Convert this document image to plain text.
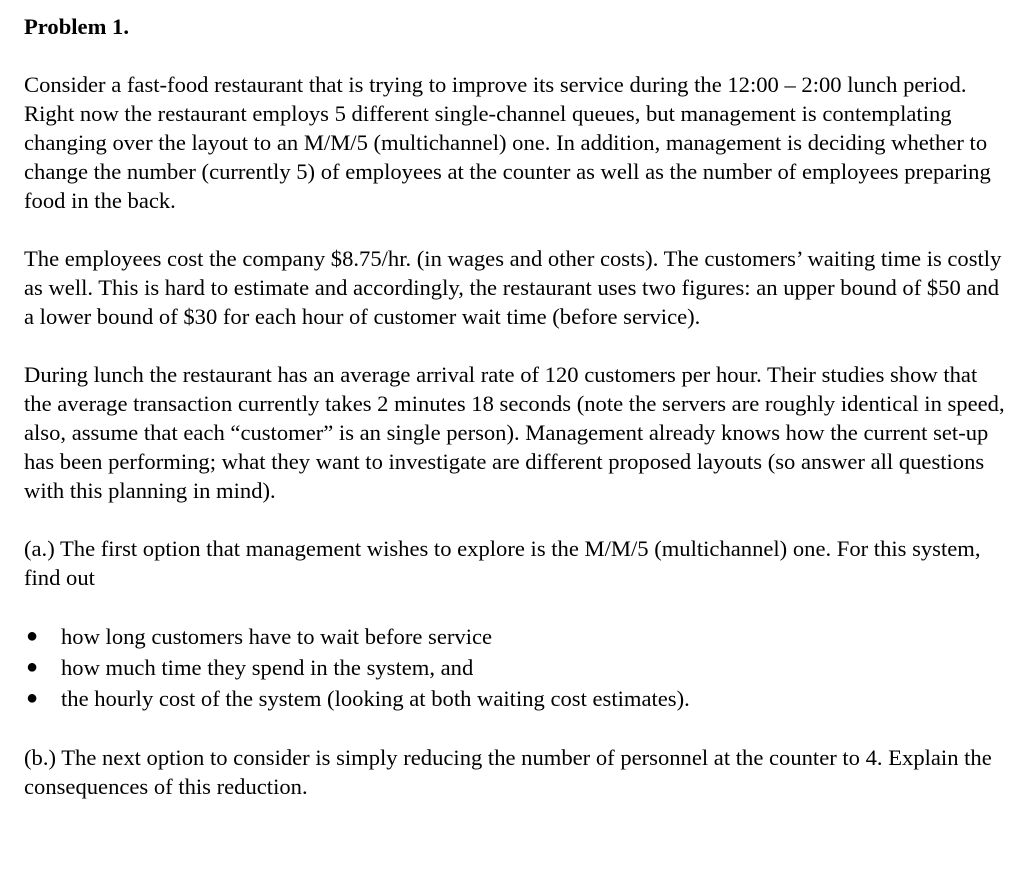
Problem 1.

Consider a fast-food restaurant that is trying to improve its service during the 12:00 – 2:00 lunch period. Right now the restaurant employs 5 different single-channel queues, but management is contemplating changing over the layout to an M/M/5 (multichannel) one. In addition, management is deciding whether to change the number (currently 5) of employees at the counter as well as the number of employees preparing food in the back.

The employees cost the company $8.75/hr. (in wages and other costs). The customers’ waiting time is costly as well. This is hard to estimate and accordingly, the restaurant uses two figures: an upper bound of $50 and a lower bound of $30 for each hour of customer wait time (before service).

During lunch the restaurant has an average arrival rate of 120 customers per hour. Their studies show that the average transaction currently takes 2 minutes 18 seconds (note the servers are roughly identical in speed, also, assume that each “customer” is an single person). Management already knows how the current set-up has been performing; what they want to investigate are different proposed layouts (so answer all questions with this planning in mind).

(a.) The first option that management wishes to explore is the M/M/5 (multichannel) one. For this system, find out

● how long customers have to wait before service
● how much time they spend in the system, and
● the hourly cost of the system (looking at both waiting cost estimates).

(b.) The next option to consider is simply reducing the number of personnel at the counter to 4. Explain the consequences of this reduction.
